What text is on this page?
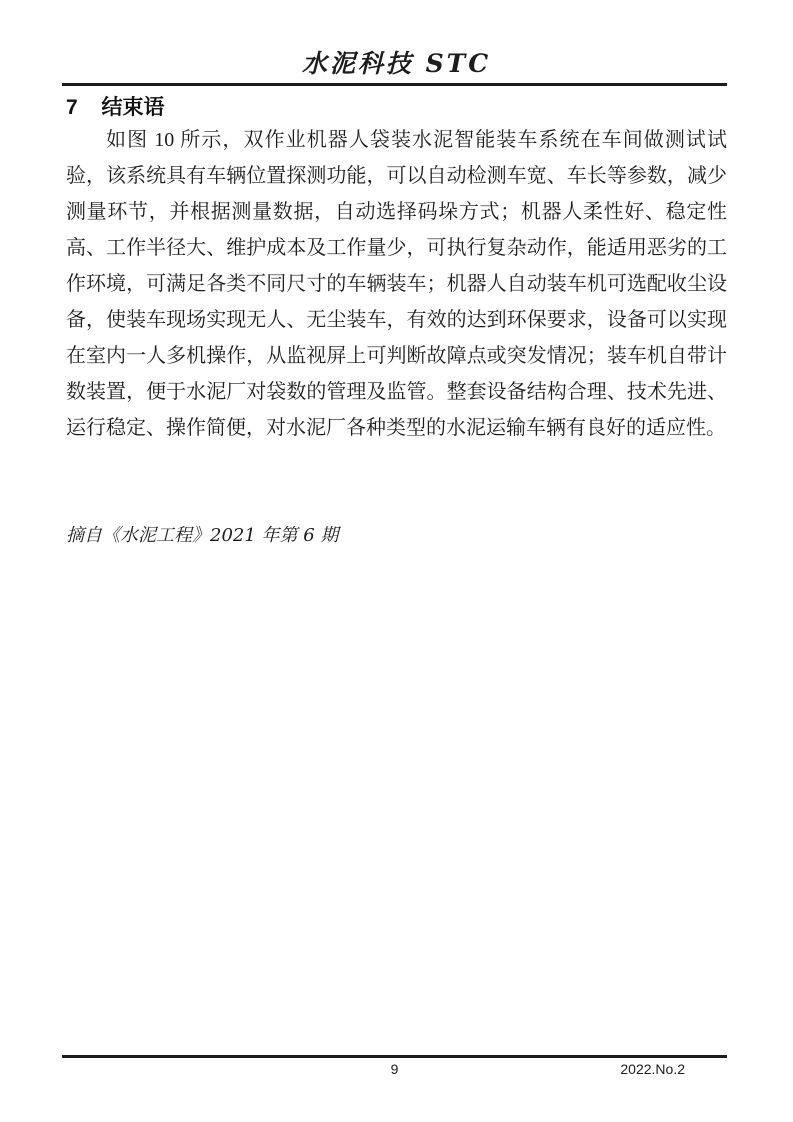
水泥科技 STC
7 结束语

如图 10 所示，双作业机器人袋装水泥智能装车系统在车间做测试试验，该系统具有车辆位置探测功能，可以自动检测车宽、车长等参数，减少测量环节，并根据测量数据，自动选择码垛方式；机器人柔性好、稳定性高、工作半径大、维护成本及工作量少，可执行复杂动作，能适用恶劣的工作环境，可满足各类不同尺寸的车辆装车；机器人自动装车机可选配收尘设备，使装车现场实现无人、无尘装车，有效的达到环保要求，设备可以实现在室内一人多机操作，从监视屏上可判断故障点或突发情况；装车机自带计数装置，便于水泥厂对袋数的管理及监管。整套设备结构合理、技术先进、运行稳定、操作简便，对水泥厂各种类型的水泥运输车辆有良好的适应性。

摘自《水泥工程》2021 年第 6 期

9	2022.No.2
